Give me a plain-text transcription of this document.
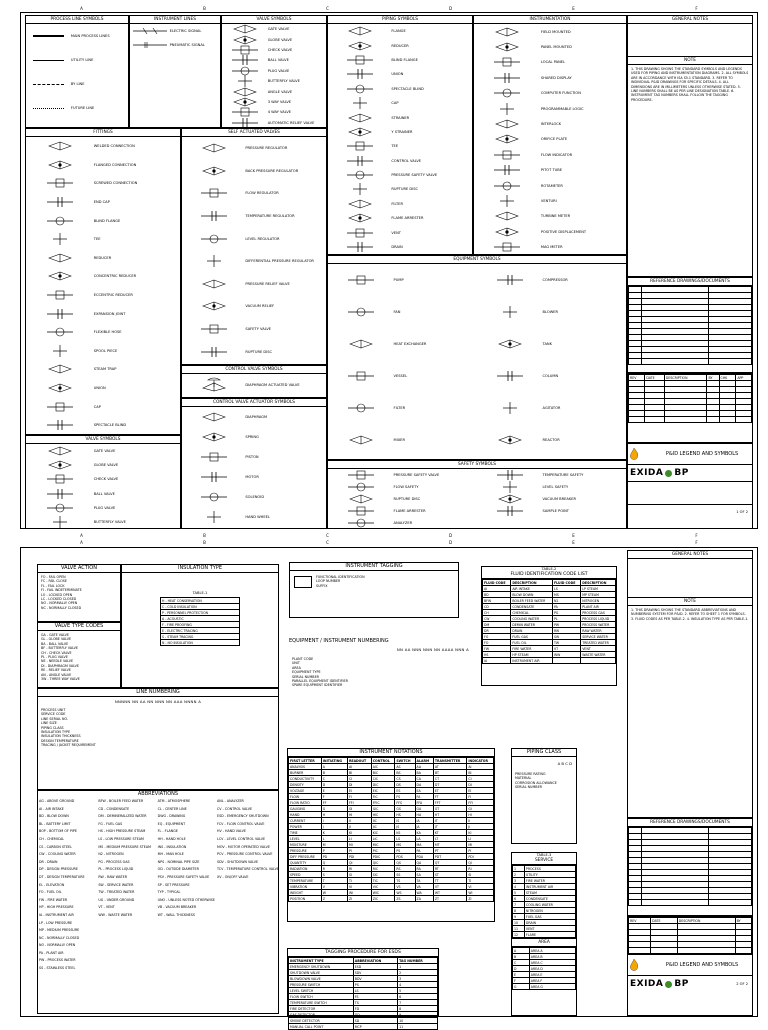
A	B	C	D	E	F
A	B	C	D	E	F
PROCESS LINE SYMBOLS
MAIN PROCESS LINES
UTILITY LINE
BY LINE
FUTURE LINE
INSTRUMENT LINES
ELECTRIC SIGNAL
PNEUMATIC SIGNAL
VALVE SYMBOLS
GATE VALVE
GLOBE VALVE
CHECK VALVE
BALL VALVE
PLUG VALVE
BUTTERFLY VALVE
ANGLE VALVE
3 WAY VALVE
4 WAY VALVE
AUTOMATIC RELIEF VALVE
PIPING SYMBOLS
FLANGE
REDUCER
BLIND FLANGE
UNION
SPECTACLE BLIND
CAP
STRAINER
Y STRAINER
TEE
CONTROL VALVE
PRESSURE SAFETY VALVE
RUPTURE DISC
FILTER
FLAME ARRESTER
VENT
DRAIN
INSTRUMENTATION
FIELD MOUNTED
PANEL MOUNTED
LOCAL PANEL
SHARED DISPLAY
COMPUTER FUNCTION
PROGRAMMABLE LOGIC
INTERLOCK
ORIFICE PLATE
FLOW INDICATOR
PITOT TUBE
ROTAMETER
VENTURI
TURBINE METER
POSITIVE DISPLACEMENT
MAG METER
FITTINGS
WELDED CONNECTION
FLANGED CONNECTION
SCREWED CONNECTION
END CAP
BLIND FLANGE
TEE
REDUCER
CONCENTRIC REDUCER
ECCENTRIC REDUCER
EXPANSION JOINT
FLEXIBLE HOSE
SPOOL PIECE
STEAM TRAP
UNION
CAP
SPECTACLE BLIND
SELF ACTUATED VALVES
PRESSURE REGULATOR
BACK PRESSURE REGULATOR
FLOW REGULATOR
TEMPERATURE REGULATOR
LEVEL REGULATOR
DIFFERENTIAL PRESSURE REGULATOR
PRESSURE RELIEF VALVE
VACUUM RELIEF
SAFETY VALVE
RUPTURE DISC
CONTROL VALVE SYMBOLS
DIAPHRAGM ACTUATED VALVE
CONTROL VALVE ACTUATOR SYMBOLS
DIAPHRAGM
SPRING
PISTON
MOTOR
SOLENOID
HAND WHEEL
EQUIPMENT SYMBOLS
PUMP	COMPRESSOR
FAN	BLOWER
HEAT EXCHANGER	TANK
VESSEL	COLUMN
FILTER	AGITATOR
MIXER	REACTOR
SAFETY SYMBOLS
PRESSURE SAFETY VALVE	TEMPERATURE SAFETY
FLOW SAFETY	LEVEL SAFETY
RUPTURE DISC	VACUUM BREAKER
FLAME ARRESTER	SAMPLE POINT
ANALYZER
VALVE SYMBOLS
GATE VALVE
GLOBE VALVE
CHECK VALVE
BALL VALVE
PLUG VALVE
BUTTERFLY VALVE
GENERAL NOTES
NOTE
1. THIS DRAWING SHOWS THE STANDARD SYMBOLS AND LEGENDS USED FOR PIPING AND INSTRUMENTATION DIAGRAMS. 2. ALL SYMBOLS ARE IN ACCORDANCE WITH ISA S5.1 STANDARD. 3. REFER TO INDIVIDUAL P&ID DRAWINGS FOR SPECIFIC DETAILS. 4. ALL DIMENSIONS ARE IN MILLIMETERS UNLESS OTHERWISE STATED. 5. LINE NUMBERS SHALL BE AS PER LINE DESIGNATION TABLE. 6. INSTRUMENT TAG NUMBERS SHALL FOLLOW THE TAGGING PROCEDURE.
REFERENCE DRAWINGS/DOCUMENTS

REV	DATE	DESCRIPTION	BY	CHK	APP

P&ID LEGEND AND SYMBOLS
EXIDA BP
1 OF 2
A	B	C	D	E	F
VALVE ACTION
FO - FAIL OPEN
FC - FAIL CLOSE
FL - FAIL LOCK
FI - FAIL INDETERMINATE
LO - LOCKED OPEN
LC - LOCKED CLOSED
NO - NORMALLY OPEN
NC - NORMALLY CLOSED
VALVE TYPE CODES
GA - GATE VALVE
GL - GLOBE VALVE
BA - BALL VALVE
BF - BUTTERFLY VALVE
CH - CHECK VALVE
PL - PLUG VALVE
NE - NEEDLE VALVE
DI - DIAPHRAGM VALVE
RE - RELIEF VALVE
AN - ANGLE VALVE
3W - THREE WAY VALVE
INSULATION TYPE
TABLE-1
H - HEAT CONSERVATION
C - COLD INSULATION
P - PERSONNEL PROTECTION
A - ACOUSTIC
F - FIRE PROOFING
E - ELECTRIC TRACING
S - STEAM TRACING
N - NO INSULATION
LINE NUMBERING
NNNNN NN AA NN NNN NN AAA NNNN A
PROCESS UNIT
SERVICE CODE
LINE SERIAL NO.
LINE SIZE
PIPING CLASS
INSULATION TYPE
INSULATION THICKNESS
DESIGN TEMPERATURE
TRACING / JACKET REQUIREMENT
ABBREVIATIONS
AG - ABOVE GROUND
AI - AIR INTAKE
BD - BLOW DOWN
BL - BATTERY LIMIT
BOP - BOTTOM OF PIPE
CH - CHEMICAL
CS - CARBON STEEL
CW - COOLING WATER
DR - DRAIN
DP - DESIGN PRESSURE
DT - DESIGN TEMPERATURE
EL - ELEVATION
FO - FUEL OIL
FW - FIRE WATER
HP - HIGH PRESSURE
IA - INSTRUMENT AIR
LP - LOW PRESSURE
MP - MEDIUM PRESSURE
NC - NORMALLY CLOSED
NO - NORMALLY OPEN
PA - PLANT AIR
PW - PROCESS WATER
SS - STAINLESS STEEL
BFW - BOILER FEED WATER
CD - CONDENSATE
DM - DEMINERALIZED WATER
FG - FUEL GAS
HS - HIGH PRESSURE STEAM
LS - LOW PRESSURE STEAM
MS - MEDIUM PRESSURE STEAM
N2 - NITROGEN
PG - PROCESS GAS
PL - PROCESS LIQUID
RW - RAW WATER
SW - SERVICE WATER
TW - TREATED WATER
UG - UNDER GROUND
VT - VENT
WW - WASTE WATER
ATM - ATMOSPHERE
CL - CENTER LINE
DWG - DRAWING
EQ - EQUIPMENT
FL - FLANGE
HH - HAND HOLE
INS - INSULATION
MH - MAN HOLE
NPS - NOMINAL PIPE SIZE
OD - OUTSIDE DIAMETER
PSV - PRESSURE SAFETY VALVE
SP - SET PRESSURE
TYP - TYPICAL
UNO - UNLESS NOTED OTHERWISE
VB - VACUUM BREAKER
WT - WALL THICKNESS
ANL - ANALYZER
CV - CONTROL VALVE
ESD - EMERGENCY SHUTDOWN
FCV - FLOW CONTROL VALVE
HV - HAND VALVE
LCV - LEVEL CONTROL VALVE
MOV - MOTOR OPERATED VALVE
PCV - PRESSURE CONTROL VALVE
SDV - SHUTDOWN VALVE
TCV - TEMPERATURE CONTROL VALVE
XV - ON/OFF VALVE
INSTRUMENT TAGGING
FUNCTIONAL IDENTIFICATION
LOOP NUMBER
SUFFIX
EQUIPMENT / INSTRUMENT NUMBERING
NN AA NNN NNN NN AAAA NNN A
PLANT CODE
UNIT
AREA
EQUIPMENT TYPE
SERIAL NUMBER
PARALLEL EQUIPMENT IDENTIFIER
SPARE EQUIPMENT IDENTIFIER
TABLE-2
FLUID IDENTIFICATION CODE LIST
FLUID CODE	DESCRIPTION	FLUID CODE	DESCRIPTION
AI	AIR INTAKE	LS	LP STEAM
BD	BLOW DOWN	MS	MP STEAM
BFW	BOILER FEED WATER	N2	NITROGEN
CD	CONDENSATE	PA	PLANT AIR
CH	CHEMICAL	PG	PROCESS GAS
CW	COOLING WATER	PL	PROCESS LIQUID
DM	DEMIN WATER	PW	PROCESS WATER
DR	DRAIN	RW	RAW WATER
FG	FUEL GAS	SW	SERVICE WATER
FO	FUEL OIL	TW	TREATED WATER
FW	FIRE WATER	VT	VENT
HS	HP STEAM	WW	WASTE WATER
IA	INSTRUMENT AIR		
INSTRUMENT NOTATIONS
FIRST LETTER	INITIATING	READOUT	CONTROL	SWITCH	ALARM	TRANSMITTER	INDICATOR
ANALYSIS	A	AI	AIC	AS	AA	AT	AI
BURNER	B	BI	BIC	BS	BA	BT	BI
CONDUCTIVITY	C	CI	CIC	CS	CA	CT	CI
DENSITY	D	DI	DIC	DS	DA	DT	DI
VOLTAGE	E	EI	EIC	ES	EA	ET	EI
FLOW	F	FI	FIC	FS	FA	FT	FI
FLOW RATIO	FF	FFI	FFIC	FFS	FFA	FFT	FFI
GAUGING	G	GI	GIC	GS	GA	GT	GI
HAND	H	HI	HIC	HS	HA	HT	HI
CURRENT	I	II	IIC	IS	IA	IT	II
POWER	J	JI	JIC	JS	JA	JT	JI
TIME	K	KI	KIC	KS	KA	KT	KI
LEVEL	L	LI	LIC	LS	LA	LT	LI
MOISTURE	M	MI	MIC	MS	MA	MT	MI
PRESSURE	P	PI	PIC	PS	PA	PT	PI
DIFF PRESSURE	PD	PDI	PDIC	PDS	PDA	PDT	PDI
QUANTITY	Q	QI	QIC	QS	QA	QT	QI
RADIATION	R	RI	RIC	RS	RA	RT	RI
SPEED	S	SI	SIC	SS	SA	ST	SI
TEMPERATURE	T	TI	TIC	TS	TA	TT	TI
VIBRATION	V	VI	VIC	VS	VA	VT	VI
WEIGHT	W	WI	WIC	WS	WA	WT	WI
POSITION	Z	ZI	ZIC	ZS	ZA	ZT	ZI
PIPING CLASS
A B C D
PRESSURE RATING
MATERIAL
CORROSION ALLOWANCE
SERIAL NUMBER
TABLE-3
SERVICE
1	PROCESS
2	UTILITY
3	FIRE WATER
4	INSTRUMENT AIR
5	STEAM
6	CONDENSATE
7	COOLING WATER
8	NITROGEN
9	FUEL GAS
10	DRAIN
11	VENT
12	FLARE
AREA
A	AREA A
B	AREA B
C	AREA C
D	AREA D
E	AREA E
F	AREA F
G	AREA G
TAGGING PROCEDURE FOR ESDS
INSTRUMENT TYPE	ABBREVIATION	TAG NUMBER
EMERGENCY SHUTDOWN	ESD	1
SHUTDOWN VALVE	SDV	2
BLOWDOWN VALVE	BDV	3
PRESSURE SWITCH	PS	4
LEVEL SWITCH	LS	5
FLOW SWITCH	FS	6
TEMPERATURE SWITCH	TS	7
FIRE DETECTOR	FD	8
GAS DETECTOR	GD	9
SMOKE DETECTOR	SD	10
MANUAL CALL POINT	MCP	11
GENERAL NOTES
NOTE
1. THIS DRAWING SHOWS THE STANDARD ABBREVIATIONS AND NUMBERING SYSTEM FOR P&ID. 2. REFER TO SHEET 1 FOR SYMBOLS. 3. FLUID CODES AS PER TABLE-2. 4. INSULATION TYPE AS PER TABLE-1.
REFERENCE DRAWINGS/DOCUMENTS

REV	DATE	DESCRIPTION	BY

P&ID LEGEND AND SYMBOLS
EXIDA BP	2 OF 2
